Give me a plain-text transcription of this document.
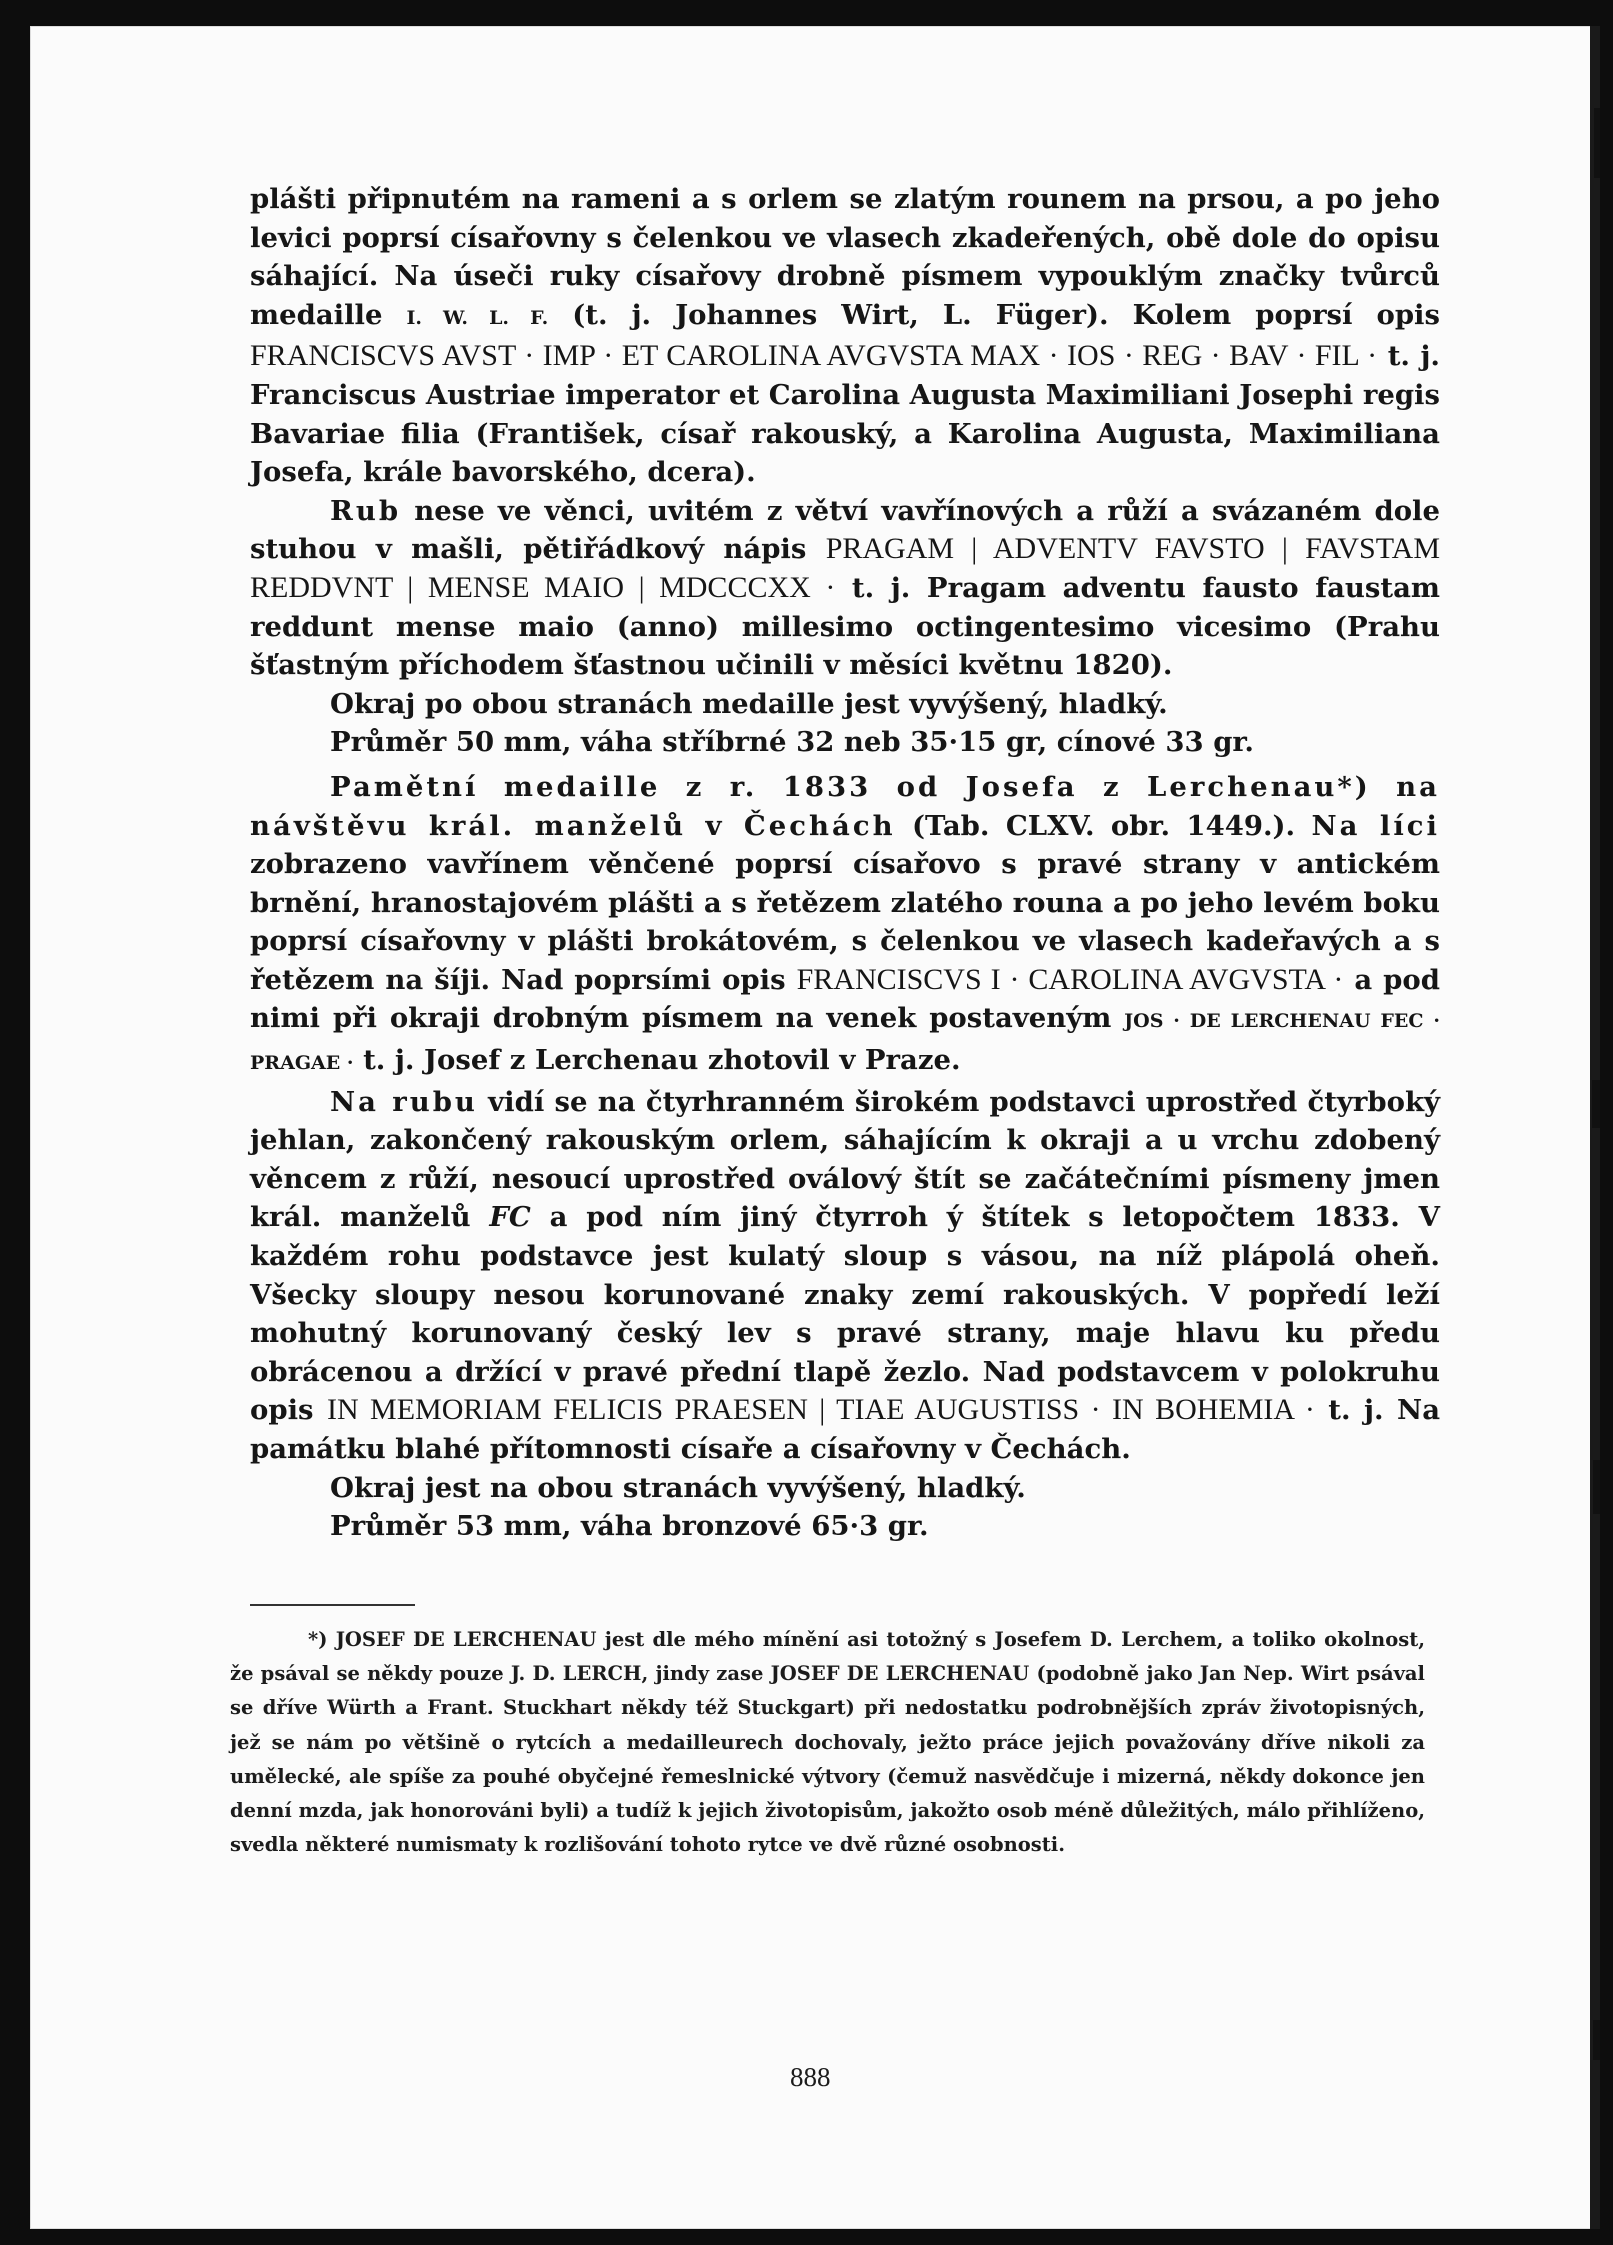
plášti připnutém na rameni a s orlem se zlatým rounem na prsou, a po jeho levici poprsí císařovny s čelenkou ve vlasech zkadeřených, obě dole do opisu sáhající. Na úseči ruky císařovy drobně písmem vypouklým značky tvůrců medaille I. W. L. F. (t. j. Johannes Wirt, L. Füger). Kolem poprsí opis FRANCISCVS AVST · IMP · ET CAROLINA AVGVSTA MAX · IOS · REG · BAV · FIL · t. j. Franciscus Austriae imperator et Carolina Augusta Maximiliani Josephi regis Bavariae filia (František, císař rakouský, a Karolina Augusta, Maximiliana Josefa, krále bavorského, dcera).

Rub nese ve věnci, uvitém z větví vavřínových a růží a svázaném dole stuhou v mašli, pětiřádkový nápis PRAGAM | ADVENTV FAVSTO | FAVSTAM REDDVNT | MENSE MAIO | MDCCCXX · t. j. Pragam adventu fausto faustam reddunt mense maio (anno) millesimo octingentesimo vicesimo (Prahu šťastným příchodem šťastnou učinili v měsíci květnu 1820).

Okraj po obou stranách medaille jest vyvýšený, hladký.

Průměr 50 mm, váha stříbrné 32 neb 35·15 gr, cínové 33 gr.

Pamětní medaille z r. 1833 od Josefa z Lerchenau*) na návštěvu král. manželů v Čechách (Tab. CLXV. obr. 1449.). Na líci zobrazeno vavřínem věnčené poprsí císařovo s pravé strany v antickém brnění, hranostajovém plášti a s řetězem zlatého rouna a po jeho levém boku poprsí císařovny v plášti brokátovém, s čelenkou ve vlasech kadeřavých a s řetězem na šíji. Nad poprsími opis FRANCISCVS I · CAROLINA AVGVSTA · a pod nimi při okraji drobným písmem na venek postaveným JOS · DE LERCHENAU FEC · PRAGAE · t. j. Josef z Lerchenau zhotovil v Praze.

Na rubu vidí se na čtyrhranném širokém podstavci uprostřed čtyrboký jehlan, zakončený rakouským orlem, sáhajícím k okraji a u vrchu zdobený věncem z růží, nesoucí uprostřed oválový štít se začátečními písmeny jmen král. manželů FC a pod ním jiný čtyrroh ý štítek s letopočtem 1833. V každém rohu podstavce jest kulatý sloup s vásou, na níž plápolá oheň. Všecky sloupy nesou korunované znaky zemí rakouských. V popředí leží mohutný korunovaný český lev s pravé strany, maje hlavu ku předu obrácenou a držící v pravé přední tlapě žezlo. Nad podstavcem v polokruhu opis IN MEMORIAM FELICIS PRAESEN | TIAE AUGUSTISS · IN BOHEMIA · t. j. Na památku blahé přítomnosti císaře a císařovny v Čechách.

Okraj jest na obou stranách vyvýšený, hladký.

Průměr 53 mm, váha bronzové 65·3 gr.

*) JOSEF DE LERCHENAU jest dle mého mínění asi totožný s Josefem D. Lerchem, a toliko okolnost, že psával se někdy pouze J. D. LERCH, jindy zase JOSEF DE LERCHENAU (podobně jako Jan Nep. Wirt psával se dříve Würth a Frant. Stuckhart někdy též Stuckgart) při nedostatku podrobnějších zpráv životopisných, jež se nám po většině o rytcích a medailleurech dochovaly, ježto práce jejich považovány dříve nikoli za umělecké, ale spíše za pouhé obyčejné řemeslnické výtvory (čemuž nasvědčuje i mizerná, někdy dokonce jen denní mzda, jak honorováni byli) a tudíž k jejich životopisům, jakožto osob méně důležitých, málo přihlíženo, svedla některé numismaty k rozlišování tohoto rytce ve dvě různé osobnosti.

888
